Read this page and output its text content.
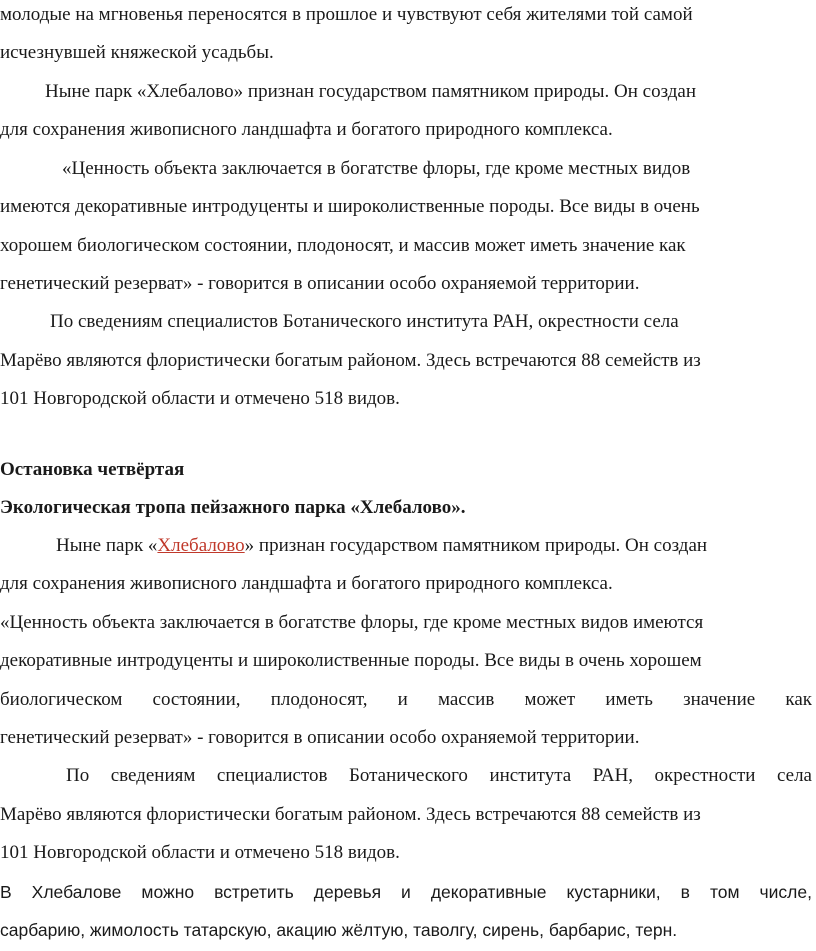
молодые на мгновенья переносятся в прошлое и чувствуют себя жителями той самой

исчезнувшей княжеской усадьбы.

Ныне парк «Хлебалово» признан государством памятником природы. Он создан

для сохранения живописного ландшафта и богатого природного комплекса.

«Ценность объекта заключается в богатстве флоры, где кроме местных видов

имеются декоративные интродуценты и широколиственные породы. Все виды в очень

хорошем биологическом состоянии, плодоносят, и массив может иметь значение как

генетический резерват» - говорится в описании особо охраняемой территории.

По сведениям специалистов Ботанического института РАН, окрестности села

Марёво являются флористически богатым районом. Здесь встречаются 88 семейств из

101 Новгородской области и отмечено 518 видов.

Остановка четвёртая

Экологическая тропа пейзажного парка «Хлебалово».

Ныне парк «Хлебалово» признан государством памятником природы. Он создан

для сохранения живописного ландшафта и богатого природного комплекса.

«Ценность объекта заключается в богатстве флоры, где кроме местных видов имеются

декоративные интродуценты и широколиственные породы. Все виды в очень хорошем

биологическом состоянии, плодоносят, и массив может иметь значение как

генетический резерват» - говорится в описании особо охраняемой территории.

По сведениям специалистов Ботанического института РАН, окрестности села

Марёво являются флористически богатым районом. Здесь встречаются 88 семейств из

101 Новгородской области и отмечено 518 видов.

В Хлебалове можно встретить деревья и декоративные кустарники, в том числе,

сарбарию, жимолость татарскую, акацию жёлтую, таволгу, сирень, барбарис, терн.
